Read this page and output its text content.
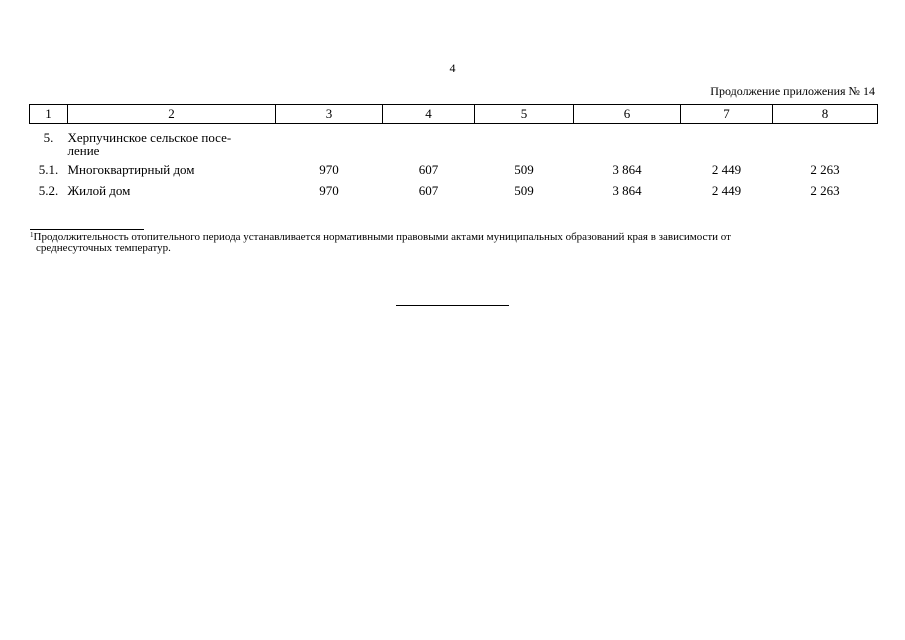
4
Продолжение приложения № 14
1	2	3	4	5	6	7	8
5.	Херпучинское сельское посе-
ление						
5.1.	Многоквартирный дом	970	607	509	3 864	2 449	2 263
5.2.	Жилой дом	970	607	509	3 864	2 449	2 263
$^1$Продолжительность отопительного периода устанавливается нормативными правовыми актами муниципальных образований края в зависимости от
среднесуточных температур.
